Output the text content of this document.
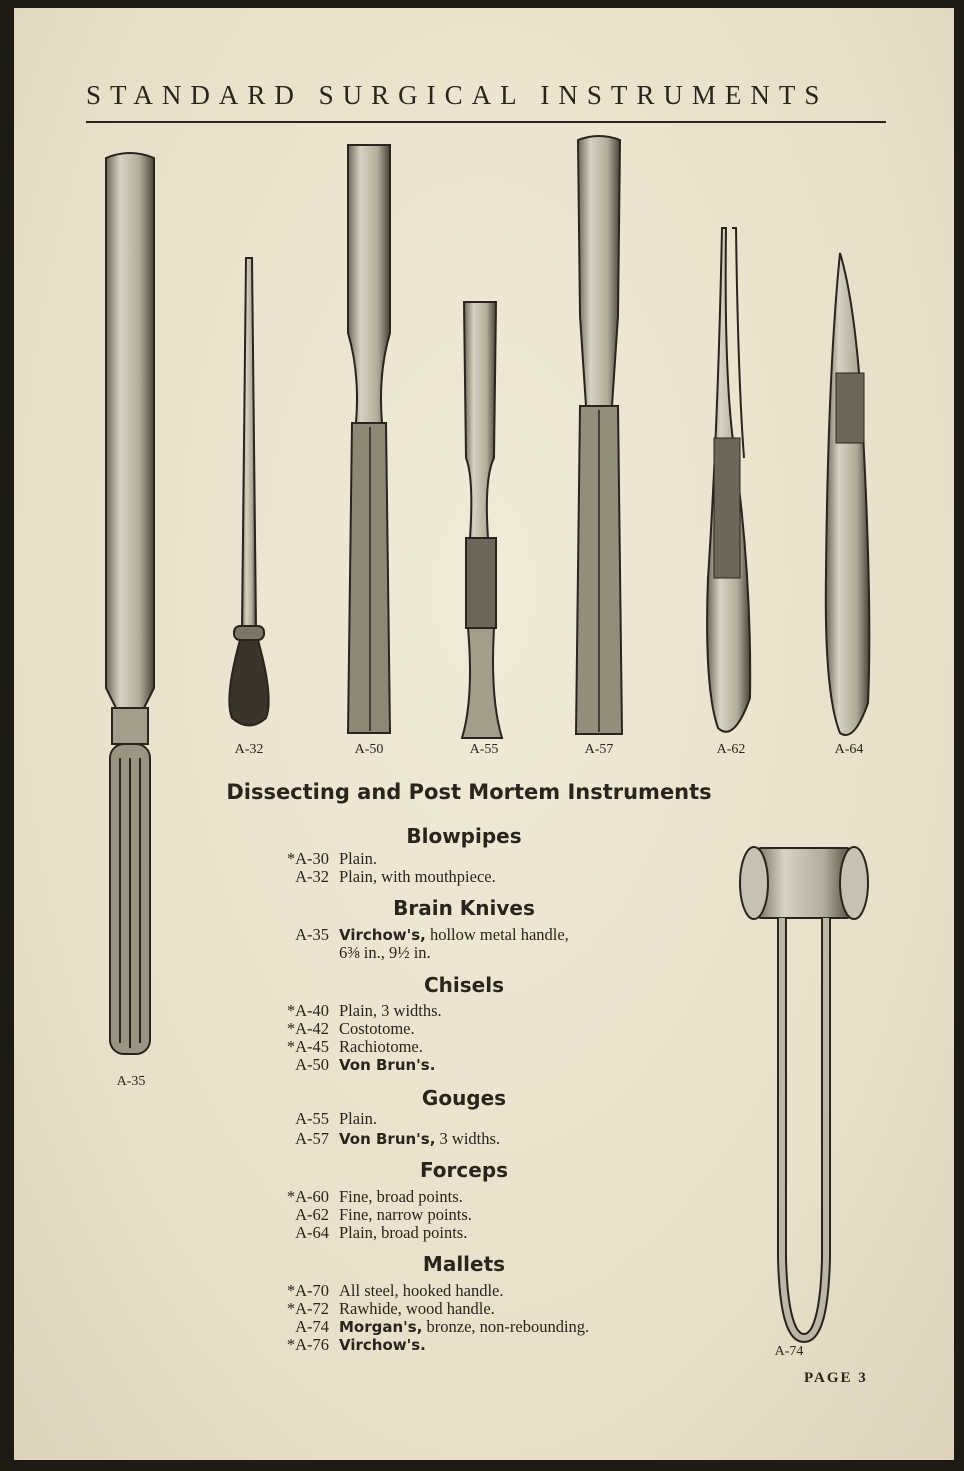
STANDARD SURGICAL INSTRUMENTS
A-35
A-32	A-50	A-55	A-57	A-62	A-64
A-74
Dissecting and Post Mortem Instruments
Blowpipes
*A-30 Plain.
A-32 Plain, with mouthpiece.
Brain Knives
A-35 Virchow's, hollow metal handle,
6⅜ in., 9½ in.
Chisels
*A-40 Plain, 3 widths.
*A-42 Costotome.
*A-45 Rachiotome.
A-50 Von Brun's.
Gouges
A-55 Plain.
A-57 Von Brun's, 3 widths.
Forceps
*A-60 Fine, broad points.
A-62 Fine, narrow points.
A-64 Plain, broad points.
Mallets
*A-70 All steel, hooked handle.
*A-72 Rawhide, wood handle.
A-74 Morgan's, bronze, non-rebounding.
*A-76 Virchow's.
PAGE 3
